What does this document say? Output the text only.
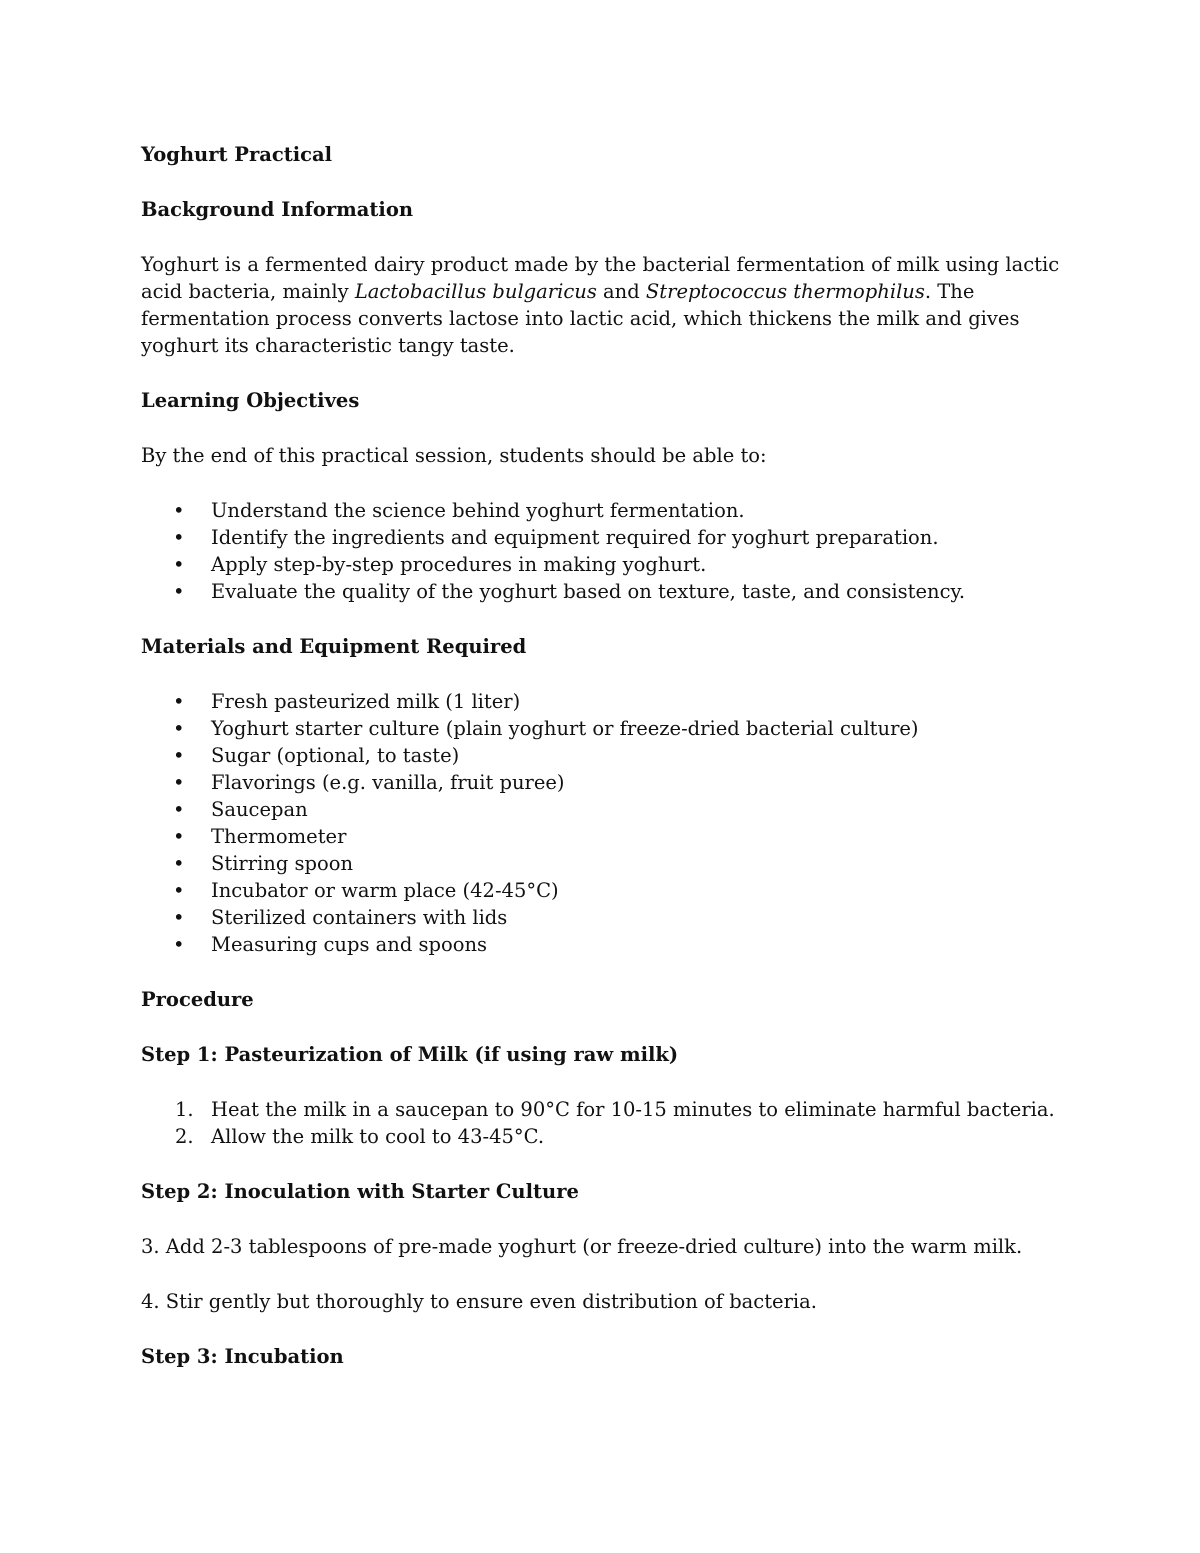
Yoghurt Practical
Background Information

Yoghurt is a fermented dairy product made by the bacterial fermentation of milk using lactic acid bacteria, mainly Lactobacillus bulgaricus and Streptococcus thermophilus. The fermentation process converts lactose into lactic acid, which thickens the milk and gives yoghurt its characteristic tangy taste.

Learning Objectives

By the end of this practical session, students should be able to:

• Understand the science behind yoghurt fermentation.
• Identify the ingredients and equipment required for yoghurt preparation.
• Apply step-by-step procedures in making yoghurt.
• Evaluate the quality of the yoghurt based on texture, taste, and consistency.
Materials and Equipment Required
• Fresh pasteurized milk (1 liter)
• Yoghurt starter culture (plain yoghurt or freeze-dried bacterial culture)
• Sugar (optional, to taste)
• Flavorings (e.g. vanilla, fruit puree)
• Saucepan
• Thermometer
• Stirring spoon
• Incubator or warm place (42-45°C)
• Sterilized containers with lids
• Measuring cups and spoons
Procedure
Step 1: Pasteurization of Milk (if using raw milk)
1. Heat the milk in a saucepan to 90°C for 10-15 minutes to eliminate harmful bacteria.
2. Allow the milk to cool to 43-45°C.
Step 2: Inoculation with Starter Culture

3. Add 2-3 tablespoons of pre-made yoghurt (or freeze-dried culture) into the warm milk.

4. Stir gently but thoroughly to ensure even distribution of bacteria.

Step 3: Incubation
